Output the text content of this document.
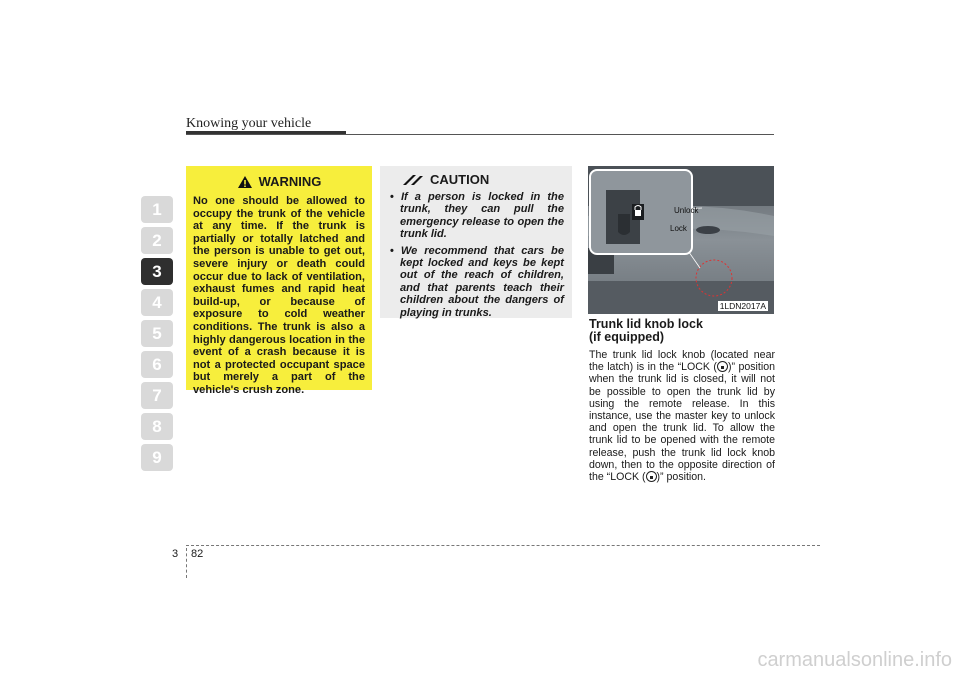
Knowing your vehicle
1
2
3
4
5
6
7
8
9
WARNING
No one should be allowed to occupy the trunk of the vehicle at any time. If the trunk is partially or totally latched and the person is unable to get out, severe injury or death could occur due to lack of ventilation, exhaust fumes and rapid heat build-up, or because of exposure to cold weather conditions. The trunk is also a highly dangerous location in the event of a crash because it is not a protected occupant space but merely a part of the vehicle's crush zone.
CAUTION
• If a person is locked in the trunk, they can pull the emergency release to open the trunk lid.
• We recommend that cars be kept locked and keys be kept out of the reach of children, and that parents teach their children about the dangers of playing in trunks.
Unlock
Lock
1LDN2017A
Trunk lid knob lock
(if equipped)
The trunk lid lock knob (located near the latch) is in the “LOCK ( )” position when the trunk lid is closed, it will not be possible to open the trunk lid by using the remote release. In this instance, use the master key to unlock and open the trunk lid. To allow the trunk lid to be opened with the remote release, push the trunk lid lock knob down, then to the opposite direction of the “LOCK ( )” position.
3 82
carmanualsonline.info
